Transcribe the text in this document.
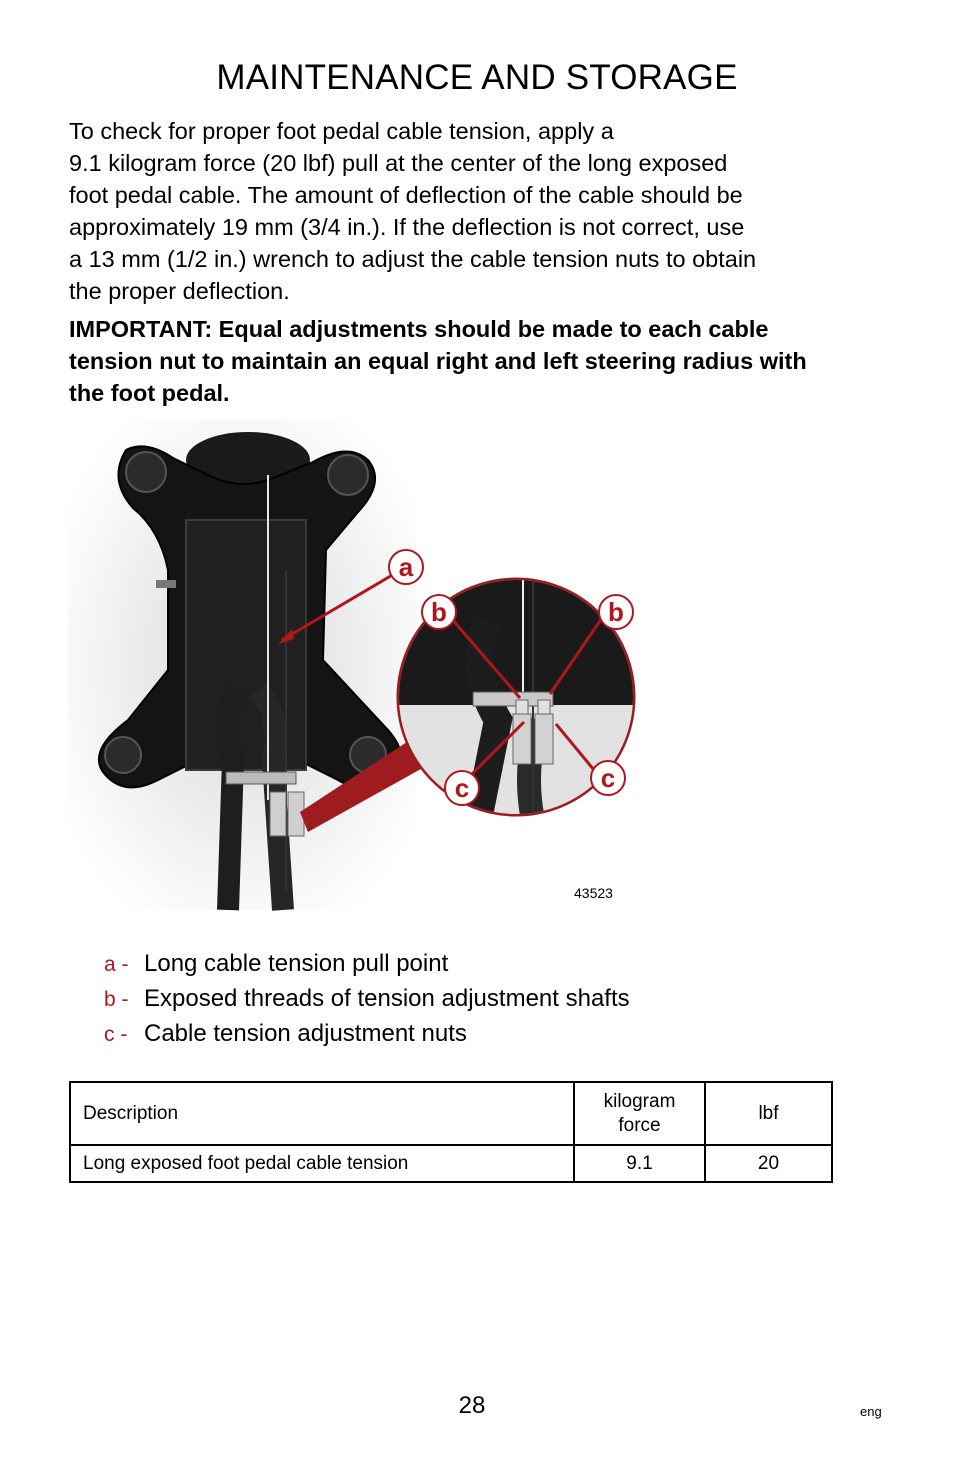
MAINTENANCE AND STORAGE
To check for proper foot pedal cable tension, apply a
9.1 kilogram force (20 lbf) pull at the center of the long exposed
foot pedal cable. The amount of deflection of the cable should be
approximately 19 mm (3/4 in.). If the deflection is not correct, use
a 13 mm (1/2 in.) wrench to adjust the cable tension nuts to obtain
the proper deflection.
IMPORTANT: Equal adjustments should be made to each cable
tension nut to maintain an equal right and left steering radius with
the foot pedal.
a
b	b
c	c
43523
a - Long cable tension pull point
b - Exposed threads of tension adjustment shafts
c - Cable tension adjustment nuts
Description	kilogram force	lbf
Long exposed foot pedal cable tension	9.1	20
28	eng
